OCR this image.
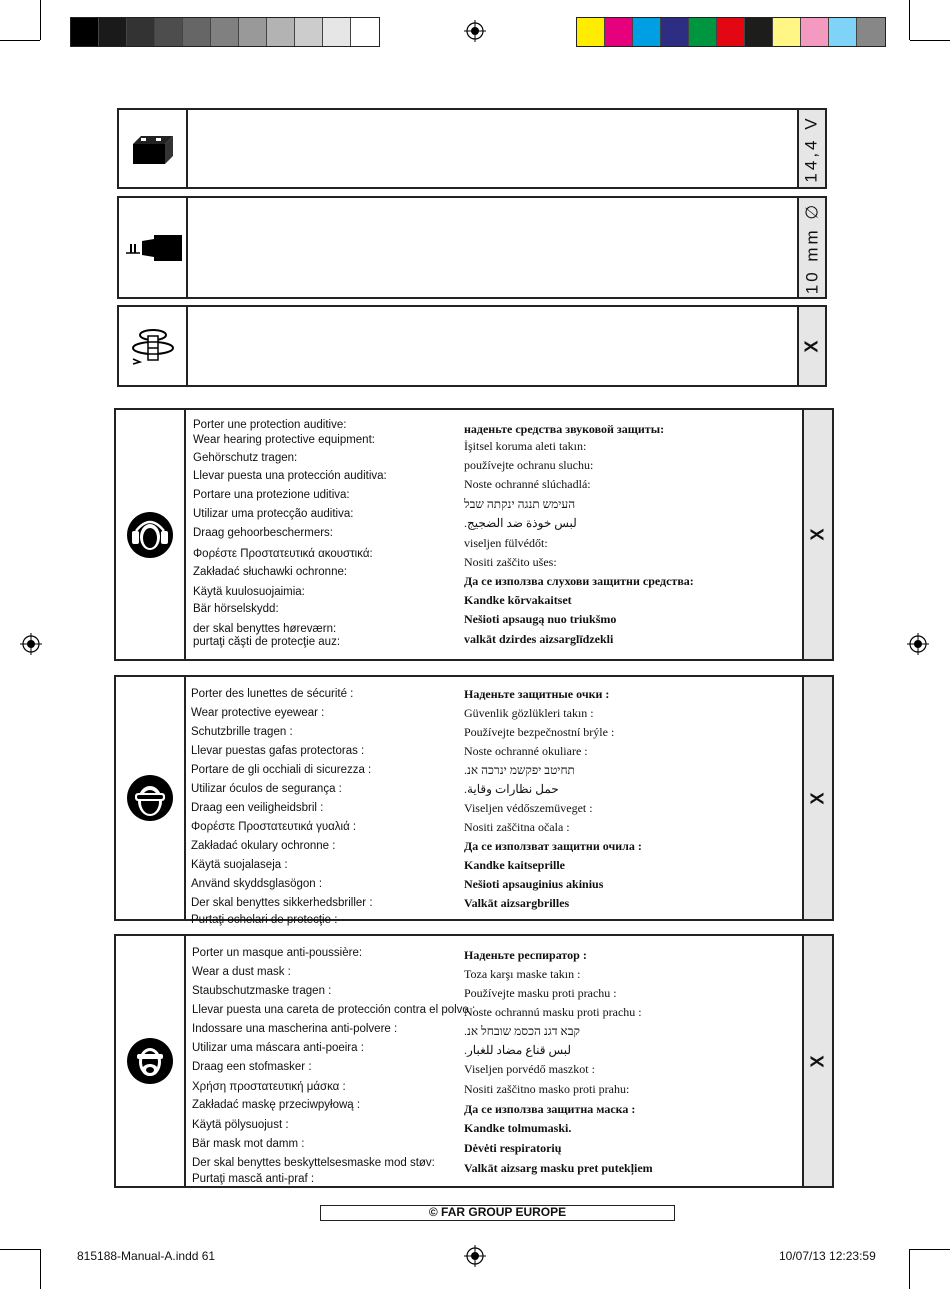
14,4 V
10 mm ∅
X
Porter une protection auditive:
Wear hearing protective equipment:
Gehörschutz tragen:
Llevar puesta una protección auditiva:
Portare una protezione uditiva:
Utilizar uma protecção auditiva:
Draag gehoorbeschermers:
Φορέστε Προστατευτικά ακουστικά:
Zakładać słuchawki ochronne:
Käytä kuulosuojaimia:
Bär hörselskydd:
der skal benyttes høreværn:
purtaţi căşti de protecţie auz:
наденьте средства звуковой защиты:
İşitsel koruma aleti takın:
používejte ochranu sluchu:
Noste ochranné slúchadlá:
העימש תנגה ינקתה שבל
لبس خوذة ضد الضجيج.
viseljen fülvédőt:
Nositi zaščito ušes:
Да се използва слухови защитни средства:
Kandke kõrvakaitset
Nešioti apsaugą nuo triukšmo
valkāt dzirdes aizsarglīdzekli
X
Porter des lunettes de sécurité :
Wear protective eyewear :
Schutzbrille tragen :
Llevar puestas gafas protectoras :
Portare de gli occhiali di sicurezza :
Utilizar óculos de segurança :
Draag een veiligheidsbril :
Φορέστε Προστατευτικά γυαλιά :
Zakładać okulary ochronne :
Käytä suojalaseja :
Använd skyddsglasögon :
Der skal benyttes sikkerhedsbriller :
Purtaţi ochelari de protecţie :
Наденьте защитные очки :
Güvenlik gözlükleri takın :
Používejte bezpečnostní brýle :
Noste ochranné okuliare :
תחיטב יפקשמ ינרכה אנ.
حمل نظارات وقاية.
Viseljen védőszemüveget :
Nositi zaščitna očala :
Да се използват защитни очила :
Kandke kaitseprille
Nešioti apsauginius akinius
Valkāt aizsargbrilles
X
Porter un masque anti-poussière:
Wear a dust mask :
Staubschutzmaske tragen :
Llevar puesta una careta de protección contra el polvo :
Indossare una mascherina anti-polvere :
Utilizar uma máscara anti-poeira :
Draag een stofmasker :
Χρήση προστατευτική μάσκα :
Zakładać maskę przeciwpyłową :
Käytä pölysuojust :
Bär mask mot damm :
Der skal benyttes beskyttelsesmaske mod støv:
Purtaţi mască anti-praf :
Наденьте респиратор :
Toza karşı maske takın :
Používejte masku proti prachu :
Noste ochrannú masku proti prachu :
קבא דגנ הכסמ שובחל אנ.
لبس قناع مضاد للغبار.
Viseljen porvédő maszkot :
Nositi zaščitno masko proti prahu:
Да се използва защитна маска :
Kandke tolmumaski.
Dėvėti respiratorių
Valkāt aizsarg masku pret putekļiem
X
© FAR GROUP EUROPE
815188-Manual-A.indd 61	10/07/13 12:23:59
